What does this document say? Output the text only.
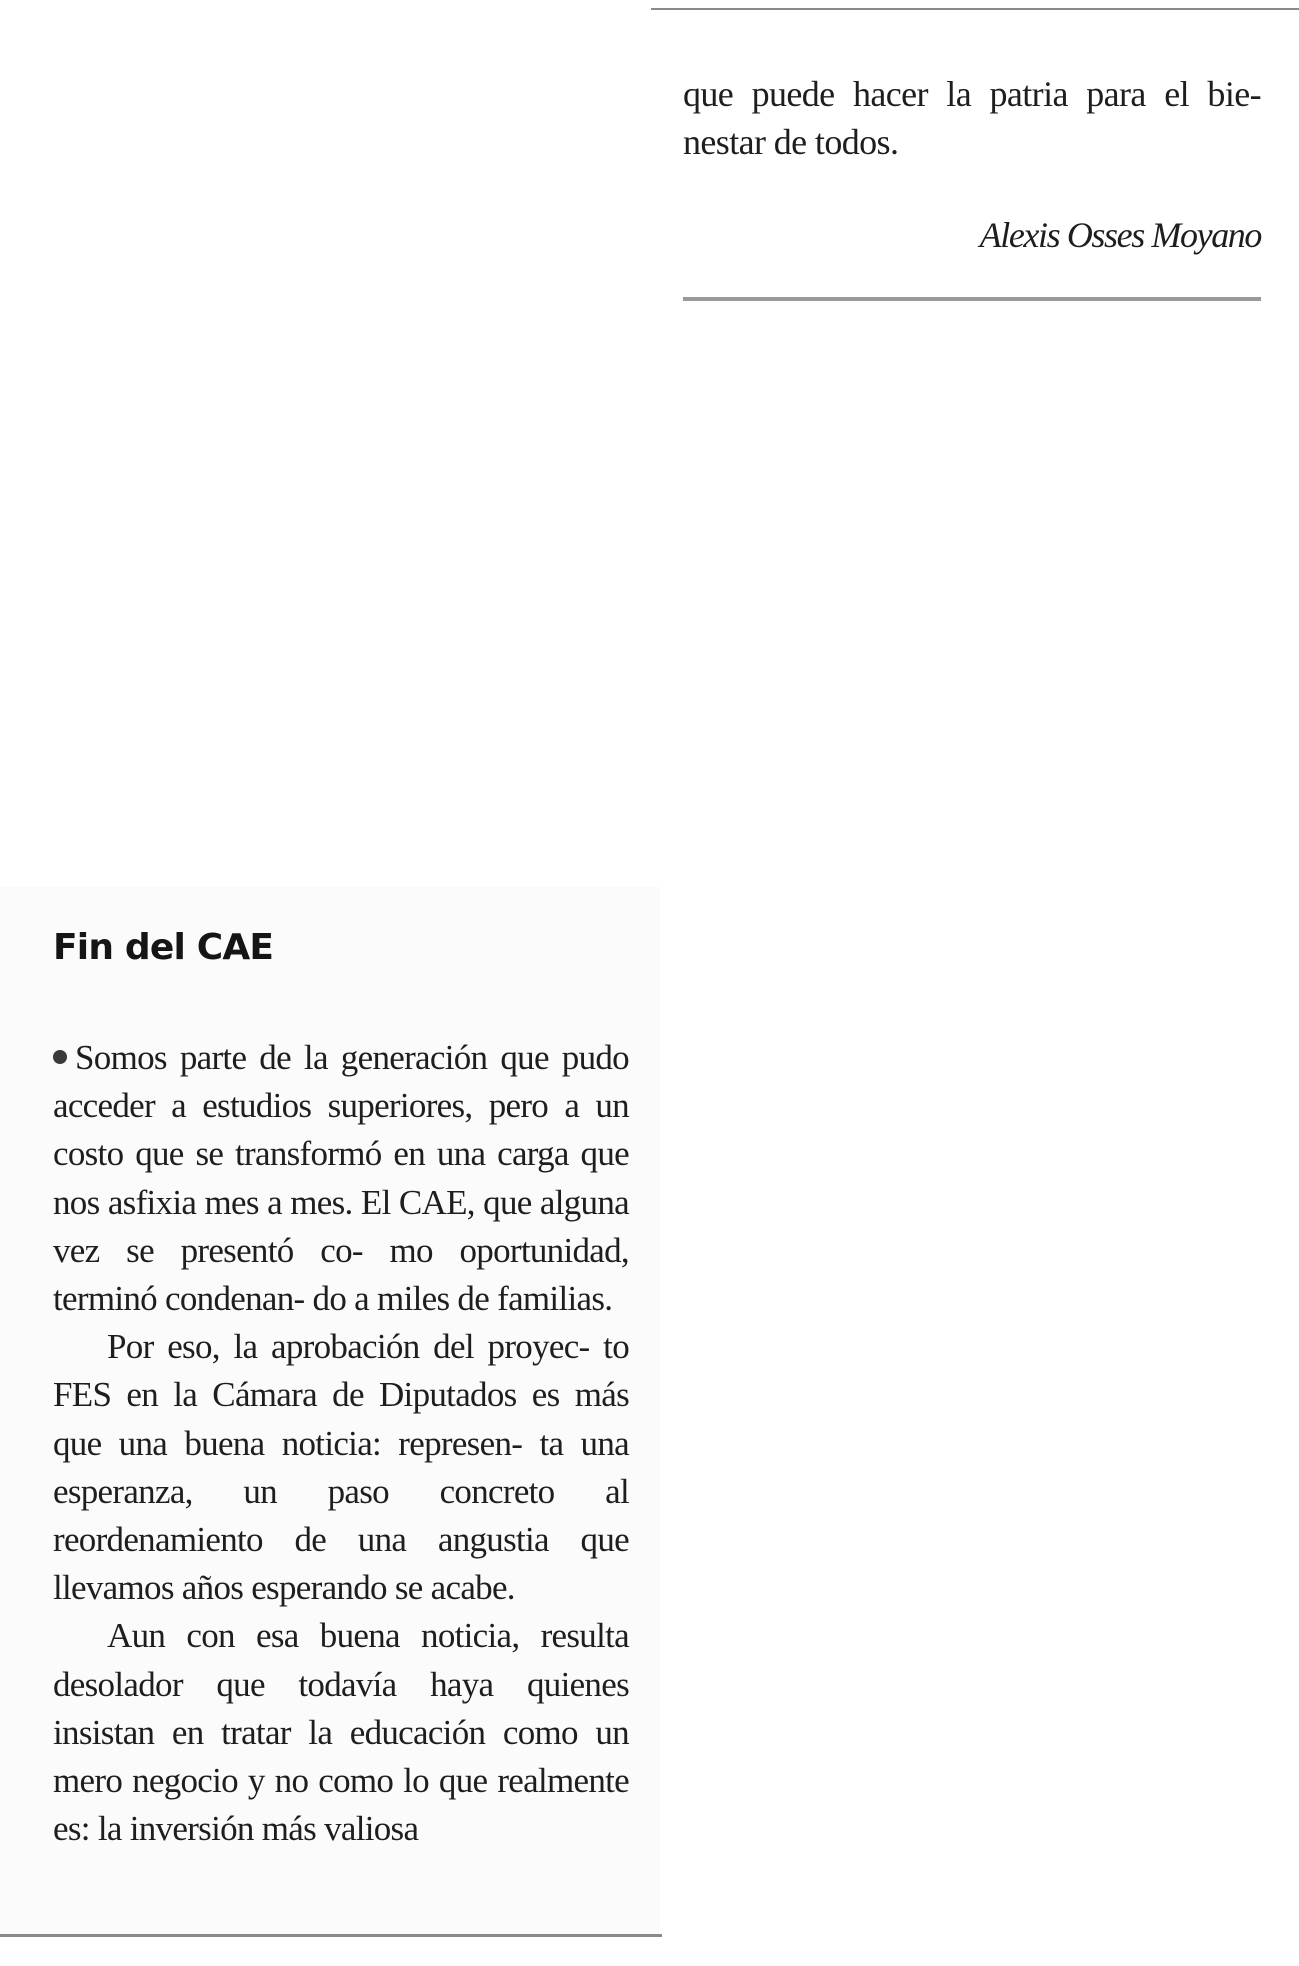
que puede hacer la patria para el bie- nestar de todos.

Alexis Osses Moyano
Fin del CAE

Somos parte de la generación que pudo acceder a estudios superiores, pero a un costo que se transformó en una carga que nos asfixia mes a mes. El CAE, que alguna vez se presentó co- mo oportunidad, terminó condenan- do a miles de familias.

Por eso, la aprobación del proyec- to FES en la Cámara de Diputados es más que una buena noticia: represen- ta una esperanza, un paso concreto al reordenamiento de una angustia que llevamos años esperando se acabe.

Aun con esa buena noticia, resulta desolador que todavía haya quienes insistan en tratar la educación como un mero negocio y no como lo que realmente es: la inversión más valiosa
